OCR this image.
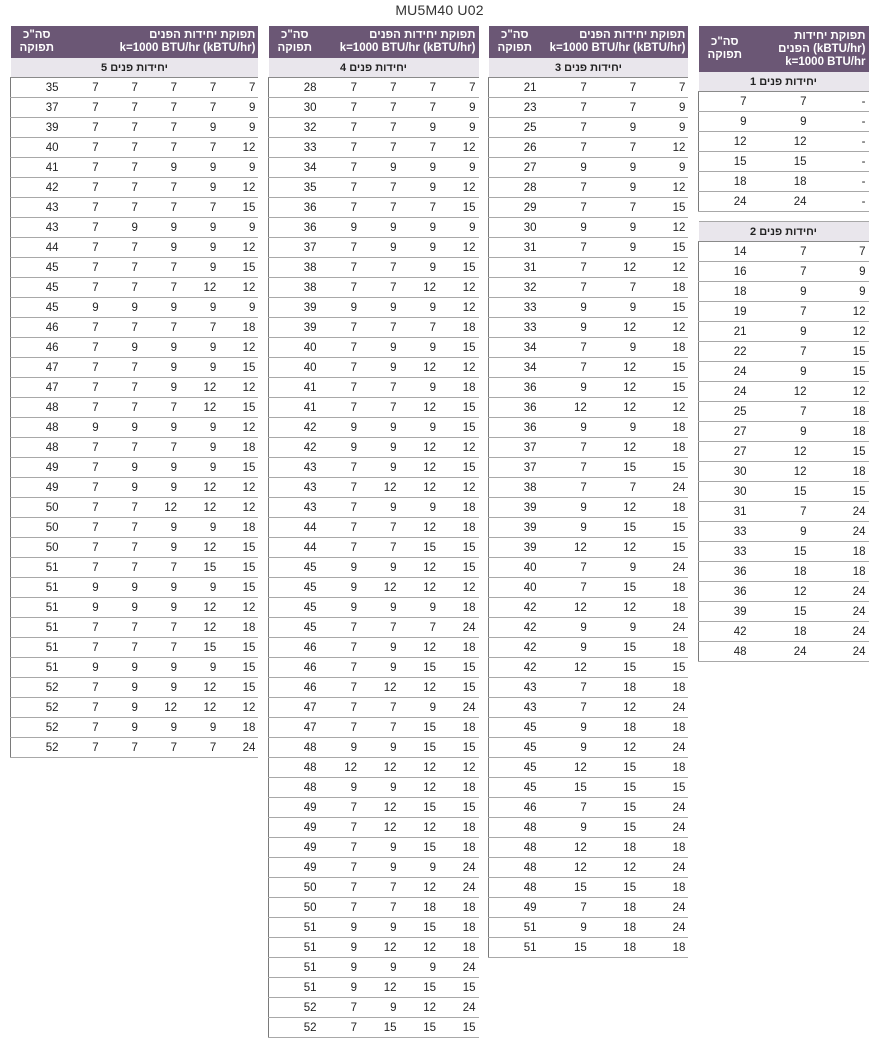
MU5M40 U02
סה"כ
תפוקה	תפוקת יחידות הפנים
k=1000 BTU/hr (kBTU/hr)				
5 יחידות פנים					
35	7	7	7	7	7
37	7	7	7	7	9
39	7	7	7	9	9
40	7	7	7	7	12
41	7	7	9	9	9
42	7	7	7	9	12
43	7	7	7	7	15
43	7	9	9	9	9
44	7	7	9	9	12
45	7	7	7	9	15
45	7	7	7	12	12
45	9	9	9	9	9
46	7	7	7	7	18
46	7	9	9	9	12
47	7	7	9	9	15
47	7	7	9	12	12
48	7	7	7	12	15
48	9	9	9	9	12
48	7	7	7	9	18
49	7	9	9	9	15
49	7	9	9	12	12
50	7	7	12	12	12
50	7	7	9	9	18
50	7	7	9	12	15
51	7	7	7	15	15
51	9	9	9	9	15
51	9	9	9	12	12
51	7	7	7	12	18
51	7	7	7	15	15
51	9	9	9	9	15
52	7	9	9	12	15
52	7	9	12	12	12
52	7	9	9	9	18
52	7	7	7	7	24
סה"כ
תפוקה	תפוקת יחידות הפנים
k=1000 BTU/hr (kBTU/hr)			
4 יחידות פנים				
28	7	7	7	7
30	7	7	7	9
32	7	7	9	9
33	7	7	7	12
34	7	9	9	9
35	7	7	9	12
36	7	7	7	15
36	9	9	9	9
37	7	9	9	12
38	7	7	9	15
38	7	7	12	12
39	9	9	9	12
39	7	7	7	18
40	7	9	9	15
40	7	9	12	12
41	7	7	9	18
41	7	7	12	15
42	9	9	9	15
42	9	9	12	12
43	7	9	12	15
43	7	12	12	12
43	7	9	9	18
44	7	7	12	18
44	7	7	15	15
45	9	9	12	15
45	9	12	12	12
45	9	9	9	18
45	7	7	7	24
46	7	9	12	18
46	7	9	15	15
46	7	12	12	15
47	7	7	9	24
47	7	7	15	18
48	9	9	15	15
48	12	12	12	12
48	9	9	12	18
49	7	12	15	15
49	7	12	12	18
49	7	9	15	18
49	7	9	9	24
50	7	7	12	24
50	7	7	18	18
51	9	9	15	18
51	9	12	12	18
51	9	9	9	24
51	9	12	15	15
52	7	9	12	24
52	7	15	15	15
סה"כ
תפוקה	תפוקת יחידות הפנים
k=1000 BTU/hr (kBTU/hr)		
3 יחידות פנים			
21	7	7	7
23	7	7	9
25	7	9	9
26	7	7	12
27	9	9	9
28	7	9	12
29	7	7	15
30	9	9	12
31	7	9	15
31	7	12	12
32	7	7	18
33	9	9	15
33	9	12	12
34	7	9	18
34	7	12	15
36	9	12	15
36	12	12	12
36	9	9	18
37	7	12	18
37	7	15	15
38	7	7	24
39	9	12	18
39	9	15	15
39	12	12	15
40	7	9	24
40	7	15	18
42	12	12	18
42	9	9	24
42	9	15	18
42	12	15	15
43	7	18	18
43	7	12	24
45	9	18	18
45	9	12	24
45	12	15	18
45	15	15	15
46	7	15	24
48	9	15	24
48	12	18	18
48	12	12	24
48	15	15	18
49	7	18	24
51	9	18	24
51	15	18	18
סה"כ
תפוקה	תפוקת יחידות
הפנים (kBTU/hr)
k=1000 BTU/hr	
1 יחידות פנים		
7	7	-
9	9	-
12	12	-
15	15	-
18	18	-
24	24	-

2 יחידות פנים		
14	7	7
16	7	9
18	9	9
19	7	12
21	9	12
22	7	15
24	9	15
24	12	12
25	7	18
27	9	18
27	12	15
30	12	18
30	15	15
31	7	24
33	9	24
33	15	18
36	18	18
36	12	24
39	15	24
42	18	24
48	24	24
